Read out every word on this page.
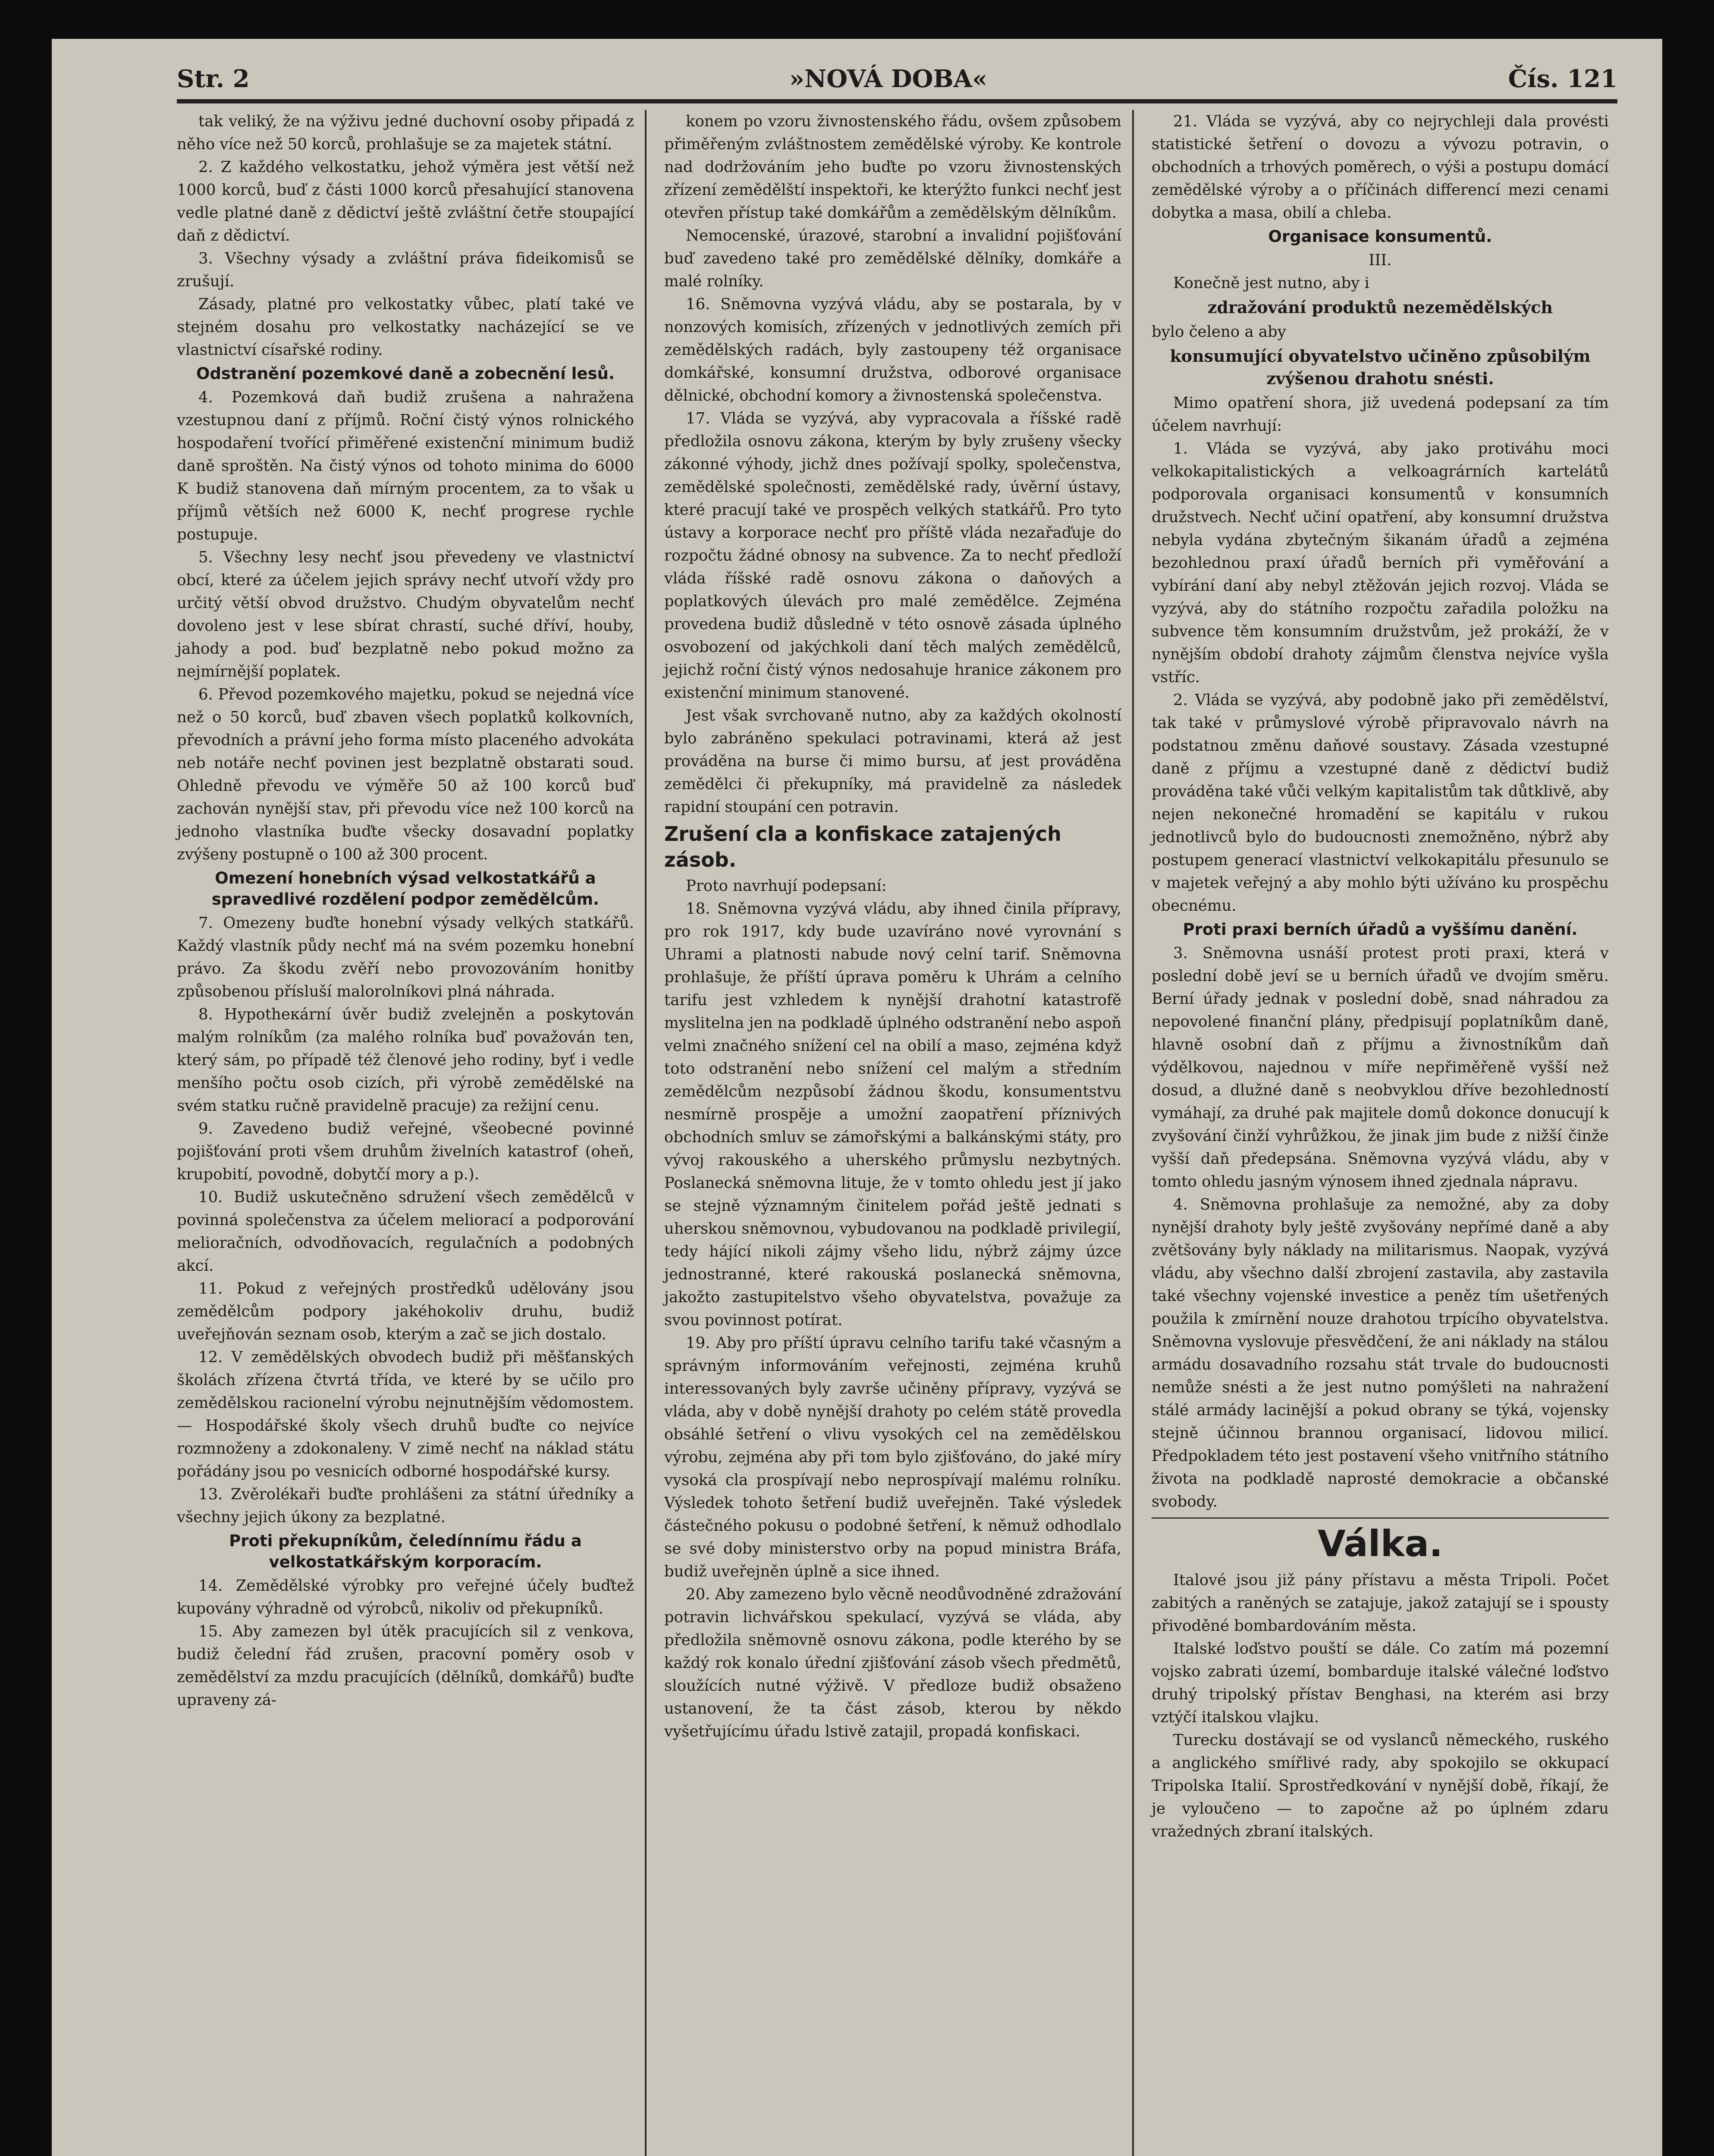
Str. 2	»NOVÁ DOBA«	Čís. 121

tak veliký, že na výživu jedné duchovní osoby připadá z něho více než 50 korců, prohlašuje se za majetek státní.

2. Z každého velkostatku, jehož výměra jest větší než 1000 korců, buď z části 1000 korců přesahující stanovena vedle platné daně z dědictví ještě zvláštní četře stoupající daň z dědictví.

3. Všechny výsady a zvláštní práva fideikomisů se zrušují.

Zásady, platné pro velkostatky vůbec, platí také ve stejném dosahu pro velkostatky nacházející se ve vlastnictví císařské rodiny.

Odstranění pozemkové daně a zobecnění lesů.

4. Pozemková daň budiž zrušena a nahražena vzestupnou daní z příjmů. Roční čistý výnos rolnického hospodaření tvořící přiměřené existenční minimum budiž daně sproštěn. Na čistý výnos od tohoto minima do 6000 K budiž stanovena daň mírným procentem, za to však u příjmů větších než 6000 K, nechť progrese rychle postupuje.

5. Všechny lesy nechť jsou převedeny ve vlastnictví obcí, které za účelem jejich správy nechť utvoří vždy pro určitý větší obvod družstvo. Chudým obyvatelům nechť dovoleno jest v lese sbírat chrastí, suché dříví, houby, jahody a pod. buď bezplatně nebo pokud možno za nejmírnější poplatek.

6. Převod pozemkového majetku, pokud se nejedná více než o 50 korců, buď zbaven všech poplatků kolkovních, převodních a právní jeho forma místo placeného advokáta neb notáře nechť povinen jest bezplatně obstarati soud. Ohledně převodu ve výměře 50 až 100 korců buď zachován nynější stav, při převodu více než 100 korců na jednoho vlastníka buďte všecky dosavadní poplatky zvýšeny postupně o 100 až 300 procent.

Omezení honebních výsad velkostatkářů a spravedlivé rozdělení podpor zemědělcům.

7. Omezeny buďte honební výsady velkých statkářů. Každý vlastník půdy nechť má na svém pozemku honební právo. Za škodu zvěří nebo provozováním honitby způsobenou přísluší malorolníkovi plná náhrada.

8. Hypotheкární úvěr budiž zvelejněn a poskytován malým rolníkům (za malého rolníka buď považován ten, který sám, po případě též členové jeho rodiny, byť i vedle menšího počtu osob cizích, při výrobě zemědělské na svém statku ručně pravidelně pracuje) za režijní cenu.

9. Zavedeno budiž veřejné, všeobecné povinné pojišťování proti všem druhům živelních katastrof (oheň, krupobití, povodně, dobytčí mory a p.).

10. Budiž uskutečněno sdružení všech zemědělců v povinná společenstva za účelem meliorací a podporování melioračních, odvodňovacích, regulačních a podobných akcí.

11. Pokud z veřejných prostředků udělovány jsou zemědělcům podpory jakéhokoliv druhu, budiž uveřejňován seznam osob, kterým a zač se jich dostalo.

12. V zemědělských obvodech budiž při měšťanských školách zřízena čtvrtá třída, ve které by se učilo pro zemědělskou racionelní výrobu nejnutnějším vědomostem. — Hospodářské školy všech druhů buďte co nejvíce rozmnoženy a zdokonaleny. V zimě nechť na náklad státu pořádány jsou po vesnicích odborné hospodářské kursy.

13. Zvěrolékaři buďte prohlášeni za státní úředníky a všechny jejich úkony za bezplatné.

Proti překupníkům, čeledínnímu řádu a velkostatkářským korporacím.

14. Zemědělské výrobky pro veřejné účely buďtež kupovány výhradně od výrobců, nikoliv od překupníků.

15. Aby zamezen byl útěk pracujících sil z venkova, budiž čelední řád zrušen, pracovní poměry osob v zemědělství za mzdu pracujících (dělníků, domkářů) buďte upraveny zá-

konem po vzoru živnostenského řádu, ovšem způsobem přiměřeným zvláštnostem zemědělské výroby. Ke kontrole nad dodržováním jeho buďte po vzoru živnostenských zřízení zemědělští inspektoři, ke kterýžto funkci nechť jest otevřen přístup také domkářům a zemědělským dělníkům.

Nemocenské, úrazové, starobní a invalidní pojišťování buď zavedeno také pro zemědělské dělníky, domkáře a malé rolníky.

16. Sněmovna vyzývá vládu, aby se postarala, by v nonzových komisích, zřízených v jednotlivých zemích při zemědělských radách, byly zastoupeny též organisace domkářské, konsumní družstva, odborové organisace dělnické, obchodní komory a živnostenská společenstva.

17. Vláda se vyzývá, aby vypracovala a říšské radě předložila osnovu zákona, kterým by byly zrušeny všecky zákonné výhody, jichž dnes požívají spolky, společenstva, zemědělské společnosti, zemědělské rady, úvěrní ústavy, které pracují také ve prospěch velkých statkářů. Pro tyto ústavy a korporace nechť pro příště vláda nezařaďuje do rozpočtu žádné obnosy na subvence. Za to nechť předloží vláda říšské radě osnovu zákona o daňových a poplatkových úlevách pro malé zemědělce. Zejména provedena budiž důsledně v této osnově zásada úplného osvobození od jakýchkoli daní těch malých zemědělců, jejichž roční čistý výnos nedosahuje hranice zákonem pro existenční minimum stanovené.

Jest však svrchovaně nutno, aby za každých okolností bylo zabráněno spekulaci potravinami, která až jest prováděna na burse či mimo bursu, ať jest prováděna zemědělci či překupníky, má pravidelně za následek rapidní stoupání cen potravin.

Zrušení cla a konfiskace zatajených zásob.

Proto navrhují podepsaní:

18. Sněmovna vyzývá vládu, aby ihned činila přípravy, pro rok 1917, kdy bude uzavíráno nové vyrovnání s Uhrami a platnosti nabude nový celní tarif. Sněmovna prohlašuje, že příští úprava poměru k Uhrám a celního tarifu jest vzhledem k nynější drahotní katastrofě myslitelna jen na podkladě úplného odstranění nebo aspoň velmi značného snížení cel na obilí a maso, zejména když toto odstranění nebo snížení cel malým a středním zemědělcům nezpůsobí žádnou škodu, konsumentstvu nesmírně prospěje a umožní zaopatření příznivých obchodních smluv se zámořskými a balkánskými státy, pro vývoj rakouského a uherského průmyslu nezbytných. Poslanecká sněmovna lituje, že v tomto ohledu jest jí jako se stejně významným činitelem pořád ještě jednati s uherskou sněmovnou, vybudovanou na podkladě privilegií, tedy hájící nikoli zájmy všeho lidu, nýbrž zájmy úzce jednostranné, které rakouská poslanecká sněmovna, jakožto zastupitelstvo všeho obyvatelstva, považuje za svou povinnost potírat.

19. Aby pro příští úpravu celního tarifu také včasným a správným informováním veřejnosti, zejména kruhů interessovaných byly završe učiněny přípravy, vyzývá se vláda, aby v době nynější drahoty po celém státě provedla obsáhlé šetření o vlivu vysokých cel na zemědělskou výrobu, zejména aby při tom bylo zjišťováno, do jaké míry vysoká cla prospívají nebo neprospívají malému rolníku. Výsledek tohoto šetření budiž uveřejněn. Také výsledek částečného pokusu o podobné šetření, k němuž odhodlalo se své doby ministerstvo orby na popud ministra Bráfa, budiž uveřejněn úplně a sice ihned.

20. Aby zamezeno bylo věcně neodůvodněné zdražování potravin lichvářskou spekulací, vyzývá se vláda, aby předložila sněmovně osnovu zákona, podle kterého by se každý rok konalo úřední zjišťování zásob všech předmětů, sloužících nutné výživě. V předloze budiž obsaženo ustanovení, že ta část zásob, kterou by někdo vyšetřujícímu úřadu lstivě zatajil, propadá konfiskaci.

21. Vláda se vyzývá, aby co nejrychleji dala provésti statistické šetření o dovozu a vývozu potravin, o obchodních a trhových poměrech, o výši a postupu domácí zemědělské výroby a o příčinách differencí mezi cenami dobytka a masa, obilí a chleba.

Organisace konsumentů.

III.

Konečně jest nutno, aby i

zdražování produktů nezemědělských

bylo čeleno a aby

konsumující obyvatelstvo učiněno způsobilým zvýšenou drahotu snésti.

Mimo opatření shora, již uvedená podepsaní za tím účelem navrhují:

1. Vláda se vyzývá, aby jako protiváhu moci velkokapitalistických a velkoagrárních kartelátů podporovala organisaci konsumentů v konsumních družstvech. Nechť učiní opatření, aby konsumní družstva nebyla vydána zbytečným šikanám úřadů a zejména bezohlednou praxí úřadů berních při vyměřování a vybírání daní aby nebyl ztěžován jejich rozvoj. Vláda se vyzývá, aby do státního rozpočtu zařadila položku na subvence těm konsumním družstvům, jež prokáží, že v nynějším období drahoty zájmům členstva nejvíce vyšla vstříc.

2. Vláda se vyzývá, aby podobně jako při zemědělství, tak také v průmyslové výrobě připravovalo návrh na podstatnou změnu daňové soustavy. Zásada vzestupné daně z příjmu a vzestupné daně z dědictví budiž prováděna také vůči velkým kapitalistům tak důtklivě, aby nejen nekonečné hromadění se kapitálu v rukou jednotlivců bylo do budoucnosti znemožněno, nýbrž aby postupem generací vlastnictví velkokapitálu přesunulo se v majetek veřejný a aby mohlo býti užíváno ku prospěchu obecnému.

Proti praxi berních úřadů a vyššímu danění.

3. Sněmovna usnáší protest proti praxi, která v poslední době jeví se u berních úřadů ve dvojím směru. Berní úřady jednak v poslední době, snad náhradou za nepovolené finanční plány, předpisují poplatníkům daně, hlavně osobní daň z příjmu a živnostníkům daň výdělkovou, najednou v míře nepřiměřeně vyšší než dosud, a dlužné daně s neobvyklou dříve bezohledností vymáhají, za druhé pak majitele domů dokonce donucují k zvyšování činží vyhrůžkou, že jinak jim bude z nižší činže vyšší daň předepsána. Sněmovna vyzývá vládu, aby v tomto ohledu jasným výnosem ihned zjednala nápravu.

4. Sněmovna prohlašuje za nemožné, aby za doby nynější drahoty byly ještě zvyšovány nepřímé daně a aby zvětšovány byly náklady na militarismus. Naopak, vyzývá vládu, aby všechno další zbrojení zastavila, aby zastavila také všechny vojenské investice a peněz tím ušetřených použila k zmírnění nouze drahotou trpícího obyvatelstva. Sněmovna vyslovuje přesvědčení, že ani náklady na stálou armádu dosavadního rozsahu stát trvale do budoucnosti nemůže snésti a že jest nutno pomýšleti na nahražení stálé armády lacinější a pokud obrany se týká, vojensky stejně účinnou brannou organisací, lidovou milicí. Předpokladem této jest postavení všeho vnitřního státního života na podkladě naprosté demokracie a občanské svobody.

Válka.

Italové jsou již pány přístavu a města Tripoli. Počet zabitých a raněných se zatajuje, jakož zatajují se i spousty přivoděné bombardováním města.

Italské loďstvo pouští se dále. Co zatím má pozemní vojsko zabrati území, bombarduje italské válečné loďstvo druhý tripolský přístav Benghasi, na kterém asi brzy vztýčí italskou vlajku.

Turecku dostávají se od vyslanců německého, ruského a anglického smířlivé rady, aby spokojilo se okkupací Tripolska Italií. Sprostředkování v nynější době, říkají, že je vyloučeno — to započne až po úplném zdaru vražedných zbraní italských.
